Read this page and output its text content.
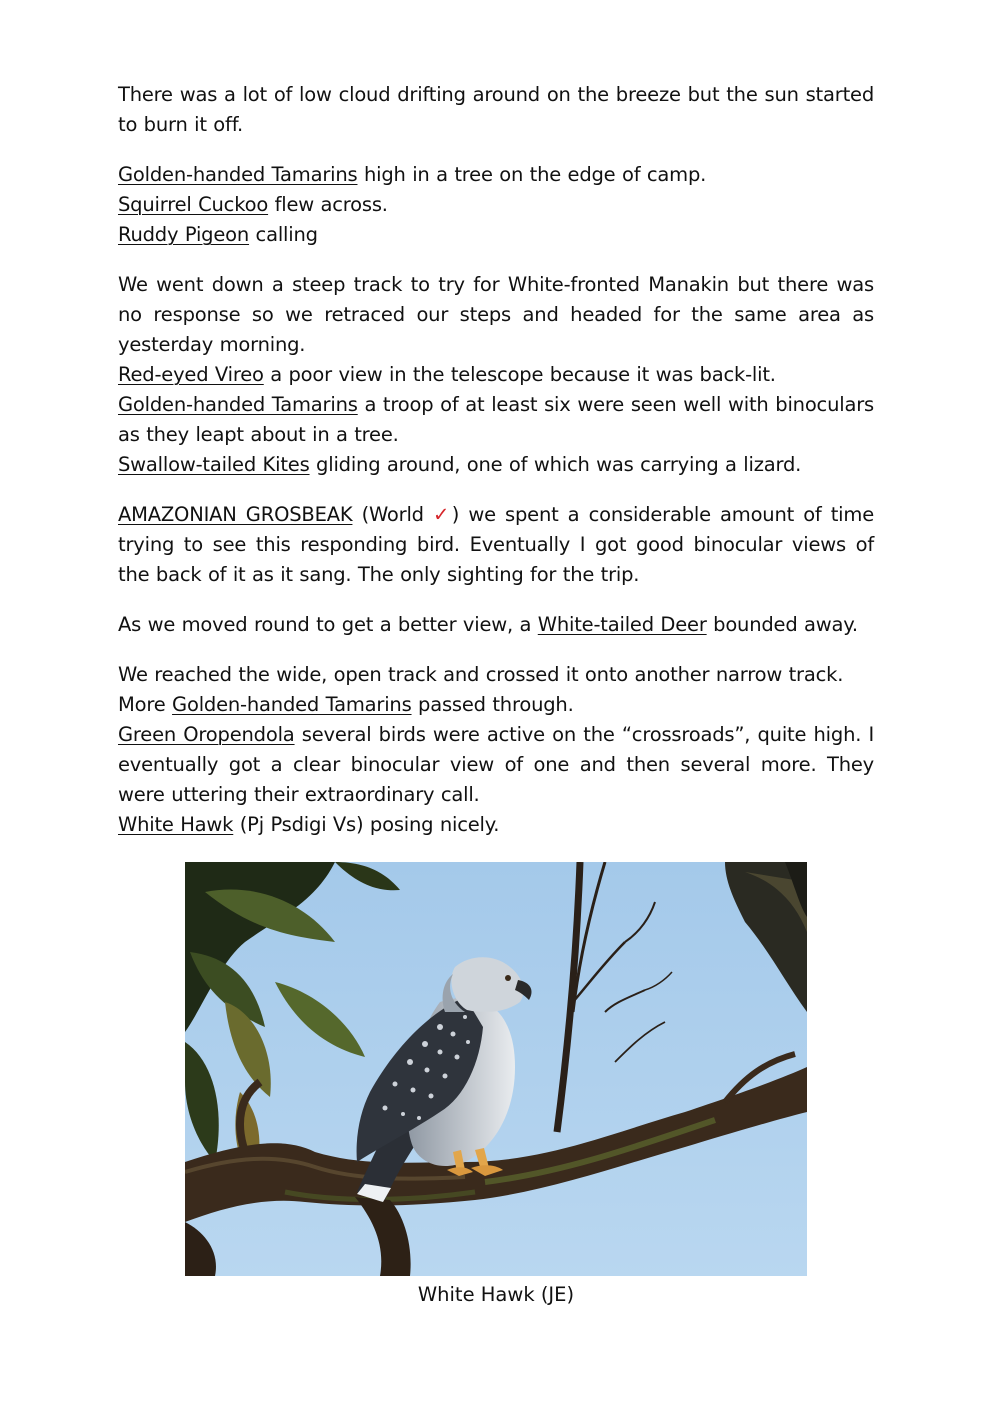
There was a lot of low cloud drifting around on the breeze but the sun started to burn it off.

Golden-handed Tamarins high in a tree on the edge of camp.
Squirrel Cuckoo flew across.
Ruddy Pigeon calling

We went down a steep track to try for White-fronted Manakin but there was no response so we retraced our steps and headed for the same area as yesterday morning.
Red-eyed Vireo a poor view in the telescope because it was back-lit.
Golden-handed Tamarins a troop of at least six were seen well with binoculars as they leapt about in a tree.
Swallow-tailed Kites gliding around, one of which was carrying a lizard.

AMAZONIAN GROSBEAK (World ✓) we spent a considerable amount of time trying to see this responding bird. Eventually I got good binocular views of the back of it as it sang. The only sighting for the trip.

As we moved round to get a better view, a White-tailed Deer bounded away.

We reached the wide, open track and crossed it onto another narrow track.
More Golden-handed Tamarins passed through.
Green Oropendola several birds were active on the “crossroads”, quite high. I eventually got a clear binocular view of one and then several more. They were uttering their extraordinary call.
White Hawk (Pj Psdigi Vs) posing nicely.

White Hawk (JE)
